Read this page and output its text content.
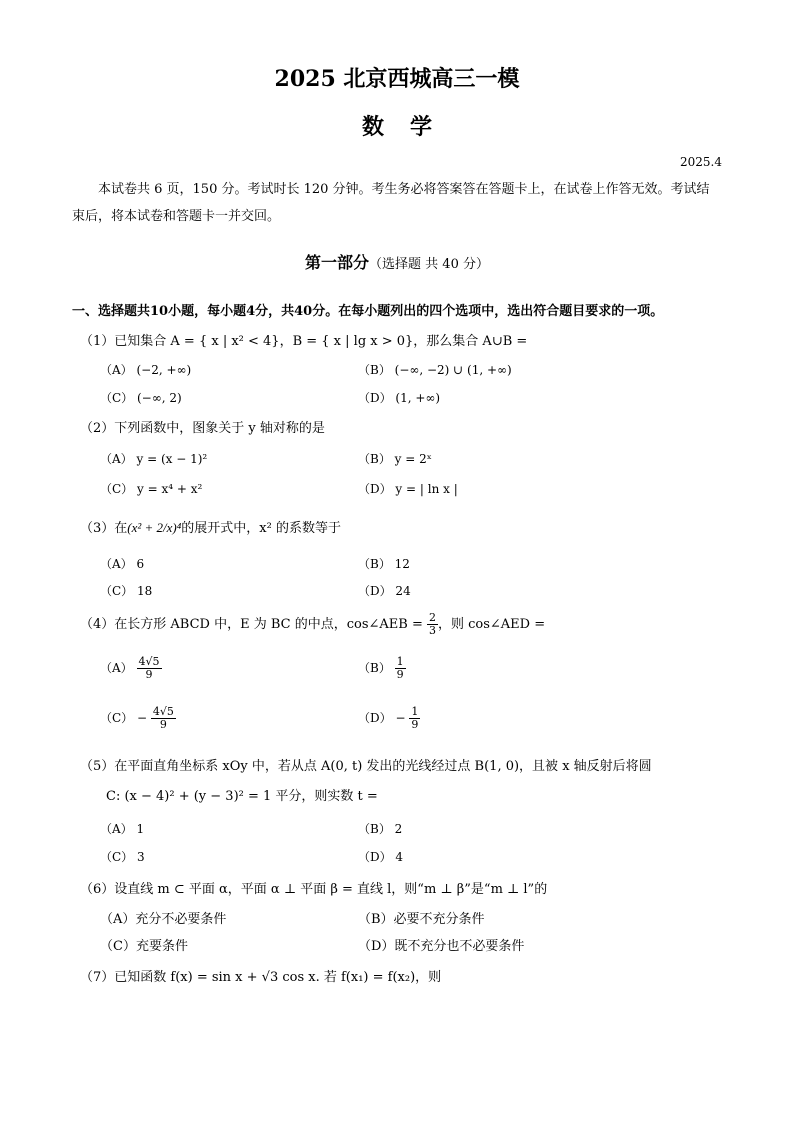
2025 北京西城高三一模
数学
2025.4
本试卷共 6 页，150 分。考试时长 120 分钟。考生务必将答案答在答题卡上，在试卷上作答无效。考试结束后，将本试卷和答题卡一并交回。
第一部分（选择题 共 40 分）
一、选择题共10小题，每小题4分，共40分。在每小题列出的四个选项中，选出符合题目要求的一项。
（1）已知集合 A = { x | x² < 4}，B = { x | lg x > 0}，那么集合 A∪B =
（A） (−2, +∞)	（B） (−∞, −2) ∪ (1, +∞)
（C） (−∞, 2)	（D） (1, +∞)
（2）下列函数中，图象关于 y 轴对称的是
（A） y = (x − 1)²	（B） y = 2ˣ
（C） y = x⁴ + x²	（D） y = | ln x |
（3）在(x² + 2/x)⁴的展开式中，x² 的系数等于
（A） 6	（B） 12
（C） 18	（D） 24
（4）在长方形 ABCD 中，E 为 BC 的中点，cos∠AEB = $\frac{2}{3}$ ，则 cos∠AED =
$(A) \frac{4√5}{9}$	$(B) \frac{1}{9}$
$(C) - \frac{4√5}{9}$	$(D) - \frac{1}{9}$
（5）在平面直角坐标系 xOy 中，若从点 A(0, t) 发出的光线经过点 B(1, 0)，且被 x 轴反射后将圆
C: (x − 4)² + (y − 3)² = 1 平分，则实数 t =
（A） 1	（B） 2
（C） 3	（D） 4
（6）设直线 m ⊂ 平面 α，平面 α ⊥ 平面 β = 直线 l，则“m ⊥ β”是“m ⊥ l”的
（A）充分不必要条件	（B）必要不充分条件
（C）充要条件	（D）既不充分也不必要条件
（7）已知函数 f(x) = sin x + √3 cos x. 若 f(x₁) = f(x₂)，则
